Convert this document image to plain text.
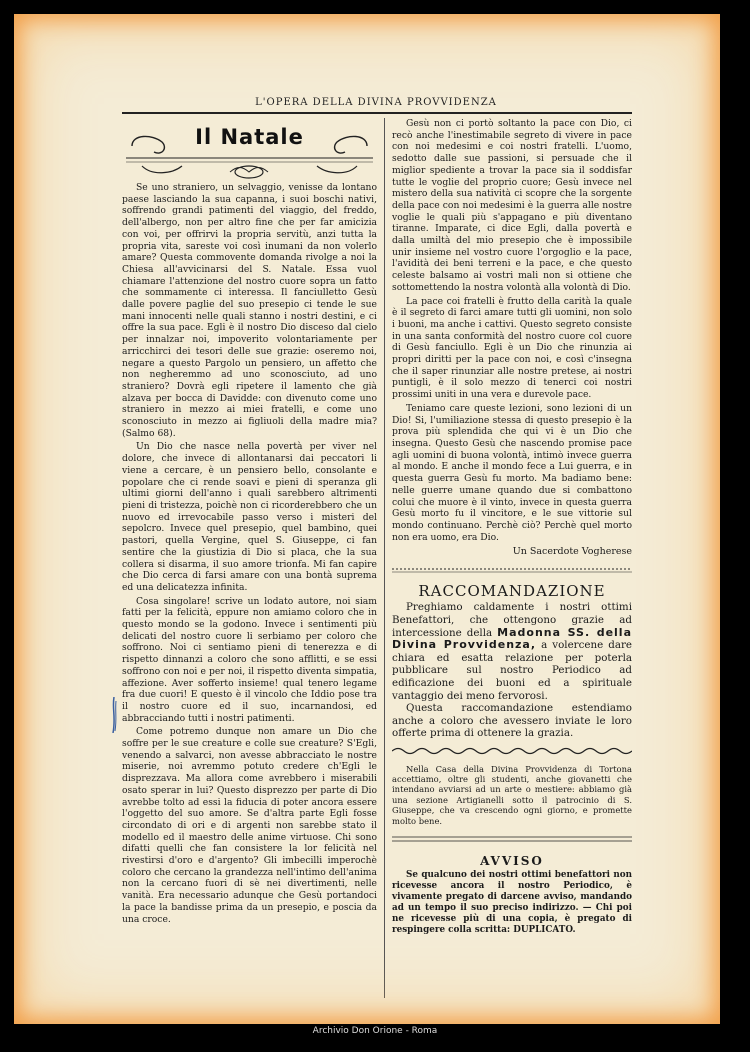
L'OPERA DELLA DIVINA PROVVIDENZA
Il Natale

Se uno straniero, un selvaggio, venisse da lontano paese lasciando la sua capanna, i suoi boschi nativi, soffrendo grandi patimenti del viaggio, del freddo, dell'albergo, non per altro fine che per far amicizia con voi, per offrirvi la propria servitù, anzi tutta la propria vita, sareste voi così inumani da non volerlo amare? Questa commovente domanda rivolge a noi la Chiesa all'avvicinarsi del S. Natale. Essa vuol chiamare l'attenzione del nostro cuore sopra un fatto che sommamente ci interessa. Il fanciulletto Gesù dalle povere paglie del suo presepio ci tende le sue mani innocenti nelle quali stanno i nostri destini, e ci offre la sua pace. Egli è il nostro Dio disceso dal cielo per innalzar noi, impoverito volontariamente per arricchirci dei tesori delle sue grazie: oseremo noi, negare a questo Pargolo un pensiero, un affetto che non negheremmo ad uno sconosciuto, ad uno straniero? Dovrà egli ripetere il lamento che già alzava per bocca di Davidde: con divenuto come uno straniero in mezzo ai miei fratelli, e come uno sconosciuto in mezzo ai figliuoli della madre mia? (Salmo 68).

Un Dio che nasce nella povertà per viver nel dolore, che invece di allontanarsi dai peccatori li viene a cercare, è un pensiero bello, consolante e popolare che ci rende soavi e pieni di speranza gli ultimi giorni dell'anno i quali sarebbero altrimenti pieni di tristezza, poichè non ci ricorderebbero che un nuovo ed irrevocabile passo verso i misteri del sepolcro. Invece quel presepio, quel bambino, quei pastori, quella Vergine, quel S. Giuseppe, ci fan sentire che la giustizia di Dio si placa, che la sua collera si disarma, il suo amore trionfa. Mi fan capire che Dio cerca di farsi amare con una bontà suprema ed una delicatezza infinita.

Cosa singolare! scrive un lodato autore, noi siam fatti per la felicità, eppure non amiamo coloro che in questo mondo se la godono. Invece i sentimenti più delicati del nostro cuore li serbiamo per coloro che soffrono. Noi ci sentiamo pieni di tenerezza e di rispetto dinnanzi a coloro che sono afflitti, e se essi soffrono con noi e per noi, il rispetto diventa simpatia, affezione. Aver sofferto insieme! qual tenero legame fra due cuori! E questo è il vincolo che Iddio pose tra il nostro cuore ed il suo, incarnandosi, ed abbracciando tutti i nostri patimenti.

Come potremo dunque non amare un Dio che soffre per le sue creature e colle sue creature? S'Egli, venendo a salvarci, non avesse abbracciato le nostre miserie, noi avremmo potuto credere ch'Egli le disprezzava. Ma allora come avrebbero i miserabili osato sperar in lui? Questo disprezzo per parte di Dio avrebbe tolto ad essi la fiducia di poter ancora essere l'oggetto del suo amore. Se d'altra parte Egli fosse circondato di ori e di argenti non sarebbe stato il modello ed il maestro delle anime virtuose. Chi sono difatti quelli che fan consistere la lor felicità nel rivestirsi d'oro e d'argento? Gli imbecilli imperochè coloro che cercano la grandezza nell'intimo dell'anima non la cercano fuori di sè nei divertimenti, nelle vanità. Era necessario adunque che Gesù portandoci la pace la bandisse prima da un presepio, e poscia da una croce.

Gesù non ci portò soltanto la pace con Dio, ci recò anche l'inestimabile segreto di vivere in pace con noi medesimi e coi nostri fratelli. L'uomo, sedotto dalle sue passioni, si persuade che il miglior spediente a trovar la pace sia il soddisfar tutte le voglie del proprio cuore; Gesù invece nel mistero della sua natività ci scopre che la sorgente della pace con noi medesimi è la guerra alle nostre voglie le quali più s'appagano e più diventano tiranne. Imparate, ci dice Egli, dalla povertà e dalla umiltà del mio presepio che è impossibile unir insieme nel vostro cuore l'orgoglio e la pace, l'avidità dei beni terreni e la pace, e che questo celeste balsamo ai vostri mali non si ottiene che sottomettendo la nostra volontà alla volontà di Dio.

La pace coi fratelli è frutto della carità la quale è il segreto di farci amare tutti gli uomini, non solo i buoni, ma anche i cattivi. Questo segreto consiste in una santa conformità del nostro cuore col cuore di Gesù fanciullo. Egli è un Dio che rinunzia ai propri diritti per la pace con noi, e così c'insegna che il saper rinunziar alle nostre pretese, ai nostri puntigli, è il solo mezzo di tenerci coi nostri prossimi uniti in una vera e durevole pace.

Teniamo care queste lezioni, sono lezioni di un Dio! Si, l'umiliazione stessa di questo presepio è la prova più splendida che qui vi è un Dio che insegna. Questo Gesù che nascendo promise pace agli uomini di buona volontà, intimò invece guerra al mondo. E anche il mondo fece a Lui guerra, e in questa guerra Gesù fu morto. Ma badiamo bene: nelle guerre umane quando due si combattono colui che muore è il vinto, invece in questa guerra Gesù morto fu il vincitore, e le sue vittorie sul mondo continuano. Perchè ciò? Perchè quel morto non era uomo, era Dio.

Un Sacerdote Vogherese
RACCOMANDAZIONE

Preghiamo caldamente i nostri ottimi Benefattori, che ottengono grazie ad intercessione della Madonna SS. della Divina Provvidenza, a volercene dare chiara ed esatta relazione per poterla pubblicare sul nostro Periodico ad edificazione dei buoni ed a spirituale vantaggio dei meno fervorosi.

Questa raccomandazione estendiamo anche a coloro che avessero inviate le loro offerte prima di ottenere la grazia.

Nella Casa della Divina Provvidenza di Tortona accettiamo, oltre gli studenti, anche giovanetti che intendano avviarsi ad un arte o mestiere: abbiamo già una sezione Artigianelli sotto il patrocinio di S. Giuseppe, che va crescendo ogni giorno, e promette molto bene.

AVVISO

Se qualcuno dei nostri ottimi benefattori non ricevesse ancora il nostro Periodico, è vivamente pregato di darcene avviso, mandando ad un tempo il suo preciso indirizzo. — Chi poi ne ricevesse più di una copia, è pregato di respingere colla scritta: DUPLICATO.

Archivio Don Orione - Roma
